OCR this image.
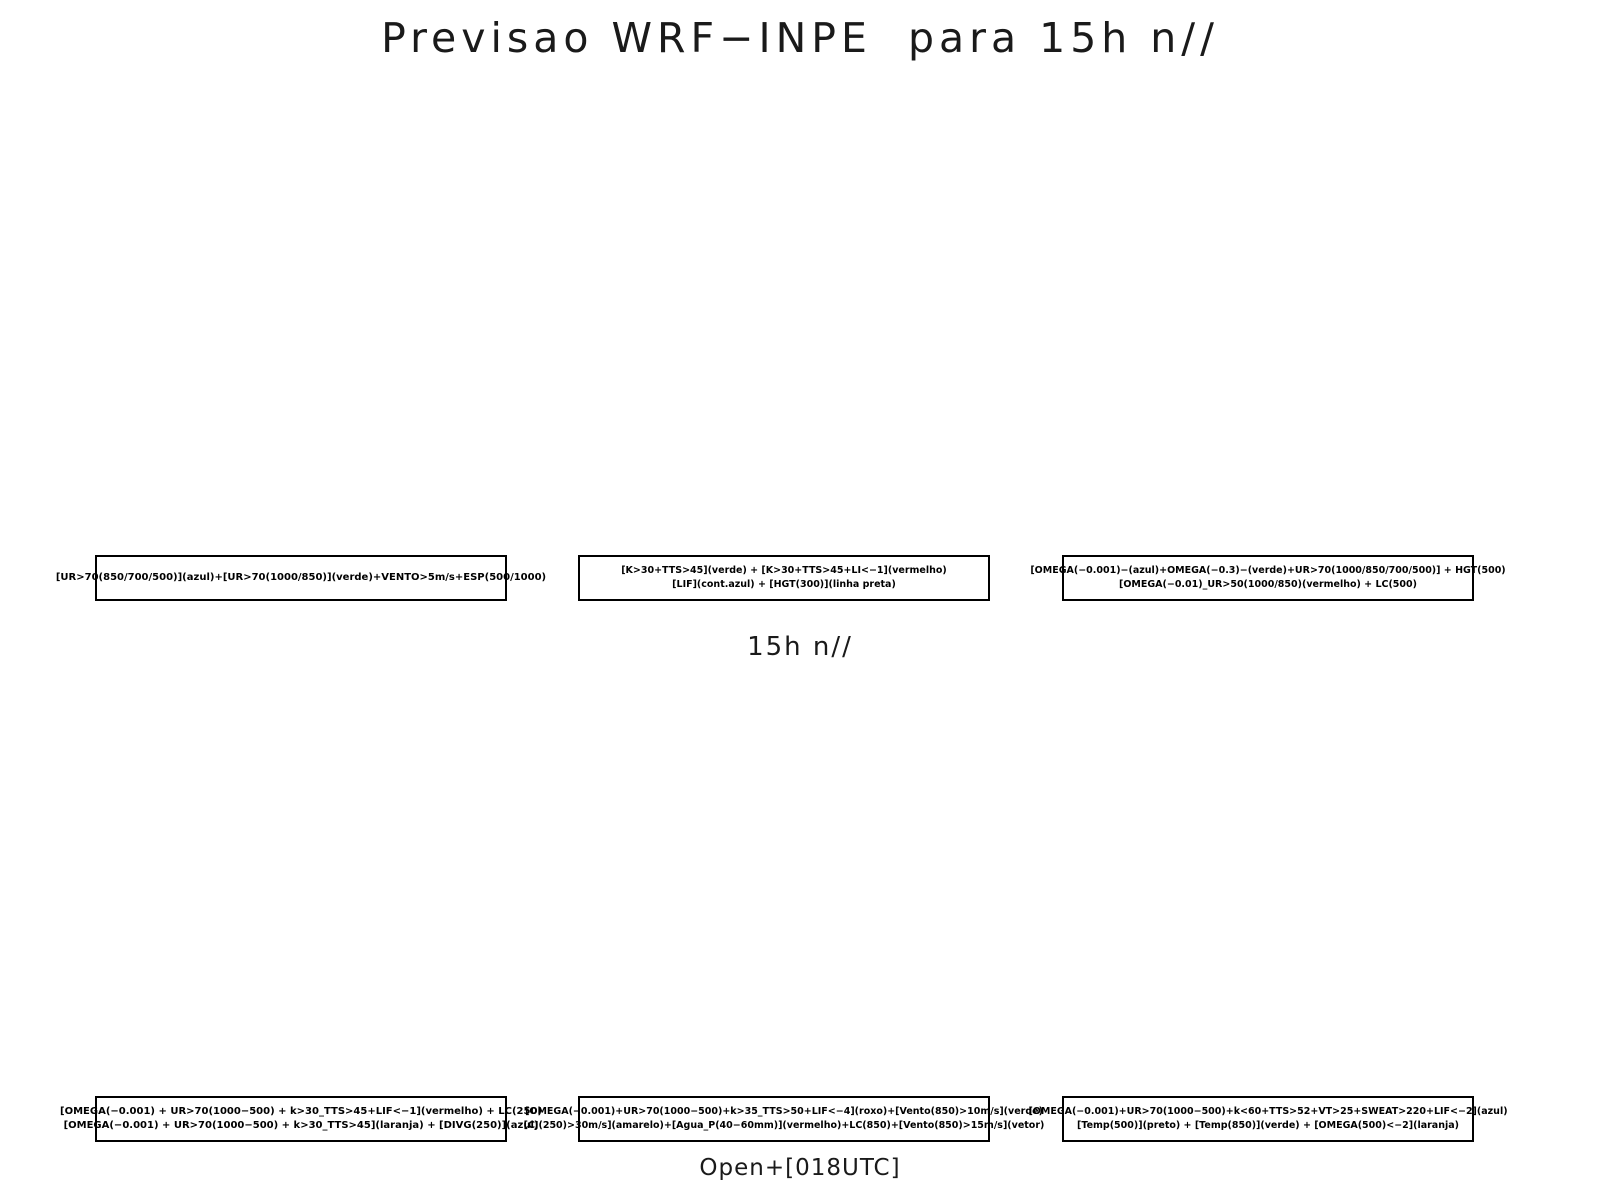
Previsao WRF−INPE  para 15h n//
[UR>70(850/700/500)](azul)+[UR>70(1000/850)](verde)+VENTO>5m/s+ESP(500/1000)
[K>30+TTS>45](verde) + [K>30+TTS>45+LI<−1](vermelho)
[LIF](cont.azul) + [HGT(300)](linha preta)
[OMEGA(−0.001)−(azul)+OMEGA(−0.3)−(verde)+UR>70(1000/850/700/500)] + HGT(500)
[OMEGA(−0.01)_UR>50(1000/850)(vermelho) + LC(500)
15h n//
[OMEGA(−0.001) + UR>70(1000−500) + k>30_TTS>45+LIF<−1](vermelho) + LC(250)
[OMEGA(−0.001) + UR>70(1000−500) + k>30_TTS>45](laranja) + [DIVG(250)](azul)
[OMEGA(−0.001)+UR>70(1000−500)+k>35_TTS>50+LIF<−4](roxo)+[Vento(850)>10m/s](verde)
[CJ(250)>30m/s](amarelo)+[Agua_P(40−60mm)](vermelho)+LC(850)+[Vento(850)>15m/s](vetor)
[OMEGA(−0.001)+UR>70(1000−500)+k<60+TTS>52+VT>25+SWEAT>220+LIF<−2](azul)
[Temp(500)](preto) + [Temp(850)](verde) + [OMEGA(500)<−2](laranja)
Open+[018UTC]
